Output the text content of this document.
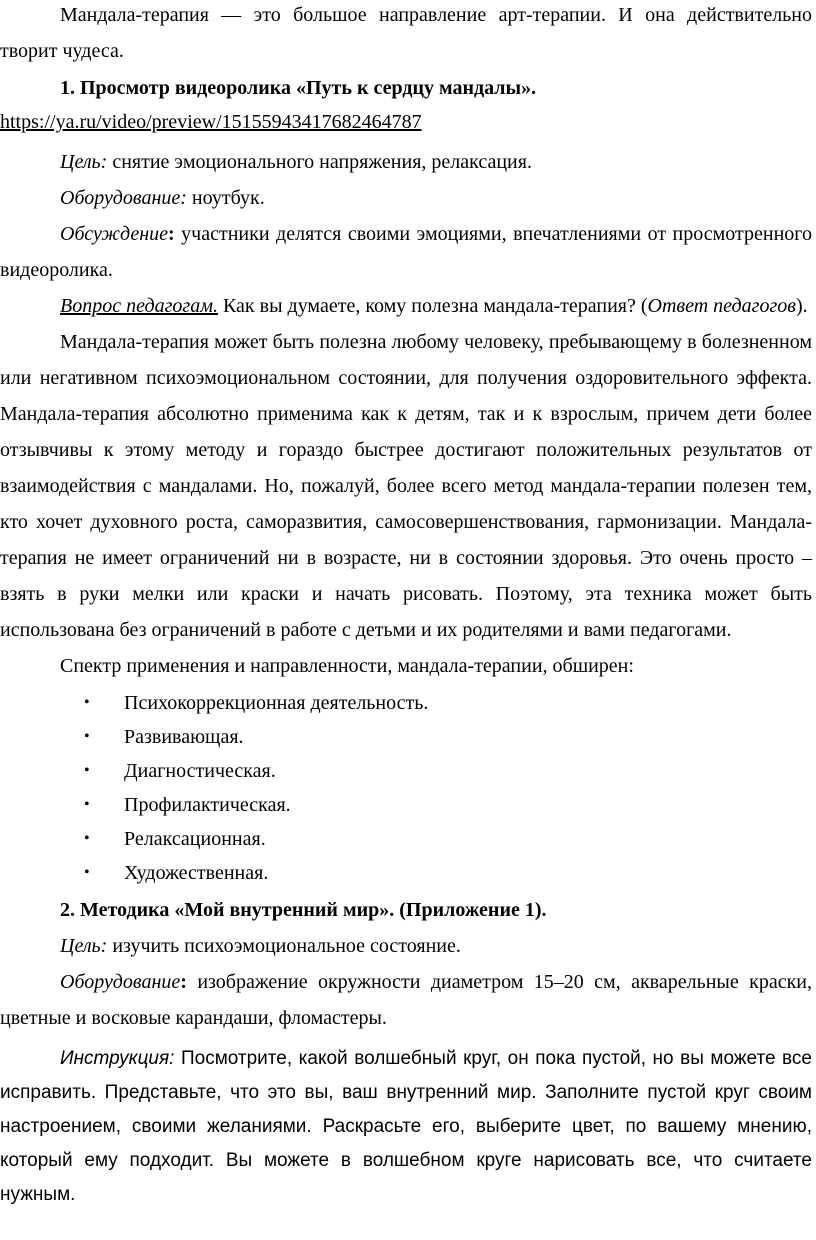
Мандала-терапия — это большое направление арт-терапии. И она действительно творит чудеса.

1. Просмотр видеоролика «Путь к сердцу мандалы».

https://ya.ru/video/preview/15155943417682464787

Цель: снятие эмоционального напряжения, релаксация.

Оборудование: ноутбук.

Обсуждение: участники делятся своими эмоциями, впечатлениями от просмотренного видеоролика.

Вопрос педагогам. Как вы думаете, кому полезна мандала-терапия? (Ответ педагогов).

Мандала-терапия может быть полезна любому человеку, пребывающему в болезненном или негативном психоэмоциональном состоянии, для получения оздоровительного эффекта. Мандала-терапия абсолютно применима как к детям, так и к взрослым, причем дети более отзывчивы к этому методу и гораздо быстрее достигают положительных результатов от взаимодействия с мандалами. Но, пожалуй, более всего метод мандала-терапии полезен тем, кто хочет духовного роста, саморазвития, самосовершенствования, гармонизации. Мандала-терапия не имеет ограничений ни в возрасте, ни в состоянии здоровья. Это очень просто – взять в руки мелки или краски и начать рисовать. Поэтому, эта техника может быть использована без ограничений в работе с детьми и их родителями и вами педагогами.

Спектр применения и направленности, мандала-терапии, обширен:

• Психокоррекционная деятельность.
• Развивающая.
• Диагностическая.
• Профилактическая.
• Релаксационная.
• Художественная.

2. Методика «Мой внутренний мир». (Приложение 1).

Цель: изучить психоэмоциональное состояние.

Оборудование: изображение окружности диаметром 15–20 см, акварельные краски, цветные и восковые карандаши, фломастеры.

Инструкция: Посмотрите, какой волшебный круг, он пока пустой, но вы можете все исправить. Представьте, что это вы, ваш внутренний мир. Заполните пустой круг своим настроением, своими желаниями. Раскрасьте его, выберите цвет, по вашему мнению, который ему подходит. Вы можете в волшебном круге нарисовать все, что считаете нужным.
